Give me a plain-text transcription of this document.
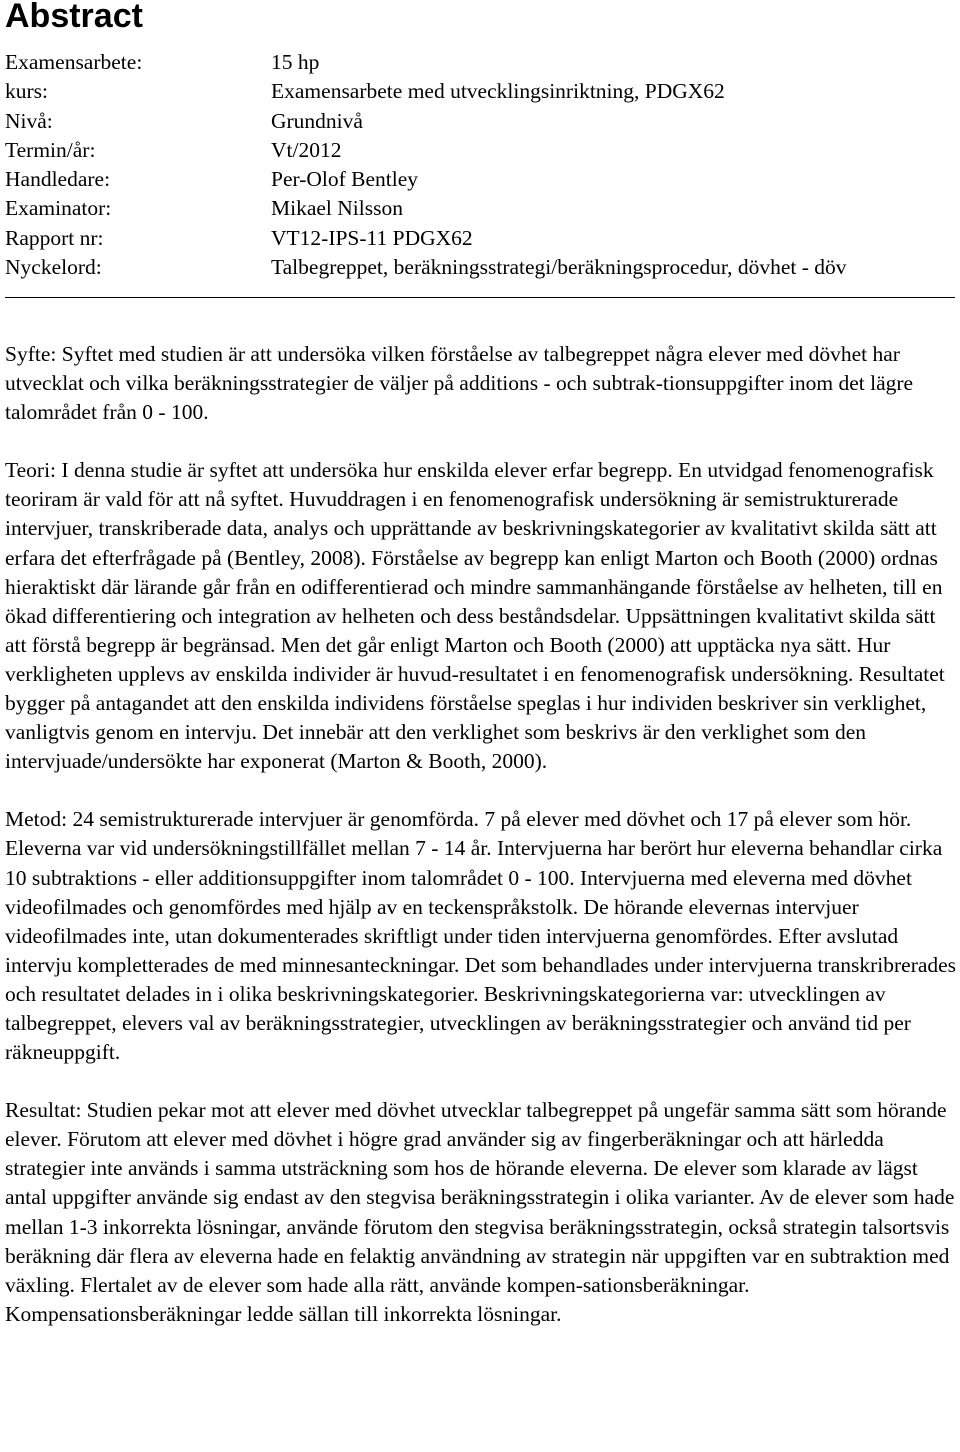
Abstract
Examensarbete:	15 hp
kurs:	Examensarbete med utvecklingsinriktning, PDGX62
Nivå:	Grundnivå
Termin/år:	Vt/2012
Handledare:	Per-Olof Bentley
Examinator:	Mikael Nilsson
Rapport nr:	VT12-IPS-11 PDGX62
Nyckelord:	Talbegreppet, beräkningsstrategi/beräkningsprocedur, dövhet - döv

Syfte: Syftet med studien är att undersöka vilken förståelse av talbegreppet några elever med dövhet har utvecklat och vilka beräkningsstrategier de väljer på additions - och subtrak-tionsuppgifter inom det lägre talområdet från 0 - 100.

Teori: I denna studie är syftet att undersöka hur enskilda elever erfar begrepp. En utvidgad fenomenografisk teoriram är vald för att nå syftet. Huvuddragen i en fenomenografisk undersökning är semistrukturerade intervjuer, transkriberade data, analys och upprättande av beskrivningskategorier av kvalitativt skilda sätt att erfara det efterfrågade på (Bentley, 2008). Förståelse av begrepp kan enligt Marton och Booth (2000) ordnas hieraktiskt där lärande går från en odifferentierad och mindre sammanhängande förståelse av helheten, till en ökad differentiering och integration av helheten och dess beståndsdelar. Uppsättningen kvalitativt skilda sätt att förstå begrepp är begränsad. Men det går enligt Marton och Booth (2000) att upptäcka nya sätt. Hur verkligheten upplevs av enskilda individer är huvud-resultatet i en fenomenografisk undersökning. Resultatet bygger på antagandet att den enskilda individens förståelse speglas i hur individen beskriver sin verklighet, vanligtvis genom en intervju. Det innebär att den verklighet som beskrivs är den verklighet som den intervjuade/undersökte har exponerat (Marton & Booth, 2000).

Metod: 24 semistrukturerade intervjuer är genomförda. 7 på elever med dövhet och 17 på elever som hör. Eleverna var vid undersökningstillfället mellan 7 - 14 år. Intervjuerna har berört hur eleverna behandlar cirka 10 subtraktions - eller additionsuppgifter inom talområdet 0 - 100. Intervjuerna med eleverna med dövhet videofilmades och genomfördes med hjälp av en teckenspråkstolk. De hörande elevernas intervjuer videofilmades inte, utan dokumenterades skriftligt under tiden intervjuerna genomfördes. Efter avslutad intervju kompletterades de med minnesanteckningar. Det som behandlades under intervjuerna transkribrerades och resultatet delades in i olika beskrivningskategorier. Beskrivningskategorierna var: utvecklingen av talbegreppet, elevers val av beräkningsstrategier, utvecklingen av beräkningsstrategier och använd tid per räkneuppgift.

Resultat: Studien pekar mot att elever med dövhet utvecklar talbegreppet på ungefär samma sätt som hörande elever. Förutom att elever med dövhet i högre grad använder sig av fingerberäkningar och att härledda strategier inte används i samma utsträckning som hos de hörande eleverna. De elever som klarade av lägst antal uppgifter använde sig endast av den stegvisa beräkningsstrategin i olika varianter. Av de elever som hade mellan 1-3 inkorrekta lösningar, använde förutom den stegvisa beräkningsstrategin, också strategin talsortsvis beräkning där flera av eleverna hade en felaktig användning av strategin när uppgiften var en subtraktion med växling. Flertalet av de elever som hade alla rätt, använde kompen-sationsberäkningar. Kompensationsberäkningar ledde sällan till inkorrekta lösningar.
